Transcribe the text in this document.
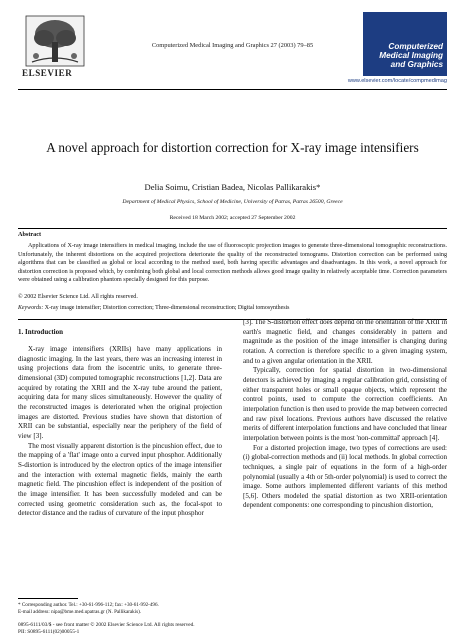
ELSEVIER
Computerized Medical Imaging and Graphics 27 (2003) 79–85	Computerized
Medical Imaging
and Graphics
www.elsevier.com/locate/compmedimag
A novel approach for distortion correction for X-ray image intensifiers
Delia Soimu, Cristian Badea, Nicolas Pallikarakis*
Department of Medical Physics, School of Medicine, University of Patras, Patras 26500, Greece
Received 18 March 2002; accepted 27 September 2002
Abstract

Applications of X-ray image intensifiers in medical imaging, include the use of fluoroscopic projection images to generate three-dimensional tomographic reconstructions. Unfortunately, the inherent distortions on the acquired projections deteriorate the quality of the reconstructed tomograms. Distortion correction can be performed using algorithms that can be classified as global or local according to the method used, both having specific advantages and disadvantages. In this work, a novel approach for distortion correction is proposed which, by combining both global and local correction methods allows good image quality in relatively acceptable time. Correction parameters were obtained using a calibration phantom specially designed for this purpose.

© 2002 Elsevier Science Ltd. All rights reserved.
Keywords: X-ray image intensifier; Distortion correction; Three-dimensional reconstruction; Digital tomosynthesis
1. Introduction

X-ray image intensifiers (XRIIs) have many applications in diagnostic imaging. In the last years, there was an increasing interest in using projections data from the isocentric units, to generate three-dimensional (3D) computed tomographic reconstructions [1,2]. Data are acquired by rotating the XRII and the X-ray tube around the patient, acquiring data for many slices simultaneously. However the quality of the reconstructed images is deteriorated when the original projection images are distorted. Previous studies have shown that distortion of XRII can be substantial, especially near the periphery of the field of view [3].

The most visually apparent distortion is the pincushion effect, due to the mapping of a 'flat' image onto a curved input phosphor. Additionally S-distortion is introduced by the electron optics of the image intensifier and the interaction with external magnetic fields, mainly the earth magnetic field. The pincushion effect is independent of the position of the image intensifier. It has been successfully modeled and can be corrected using geometric consideration such as, the focal-spot to detector distance and the radius of curvature of the input phosphor

[3]. The S-distortion effect does depend on the orientation of the XRII in earth's magnetic field, and changes considerably in pattern and magnitude as the position of the image intensifier is changing during rotation. A correction is therefore specific to a given imaging system, and to a given angular orientation in the XRII.

Typically, correction for spatial distortion in two-dimensional detectors is achieved by imaging a regular calibration grid, consisting of either transparent holes or small opaque objects, which represent the control points, used to compute the correction coefficients. An interpolation function is then used to provide the map between corrected and raw pixel locations. Previous authors have discussed the relative merits of different interpolation functions and have concluded that linear interpolation between points is the most 'non-committal' approach [4].

For a distorted projection image, two types of corrections are used: (i) global-correction methods and (ii) local methods. In global correction techniques, a single pair of equations in the form of a high-order polynomial (usually a 4th or 5th-order polynomial) is used to correct the image. Some authors implemented different variants of this method [5,6]. Others modeled the spatial distortion as two XRII-orientation dependent components: one corresponding to pincushion distortion,

* Corresponding author. Tel.: +30-61-996-112; fax: +30-61-992-496.
E-mail address: nipa@bme.med.upatras.gr (N. Pallikarakis).
0895-6111/03/$ - see front matter © 2002 Elsevier Science Ltd. All rights reserved.
PII: S0895-6111(02)00055-1
